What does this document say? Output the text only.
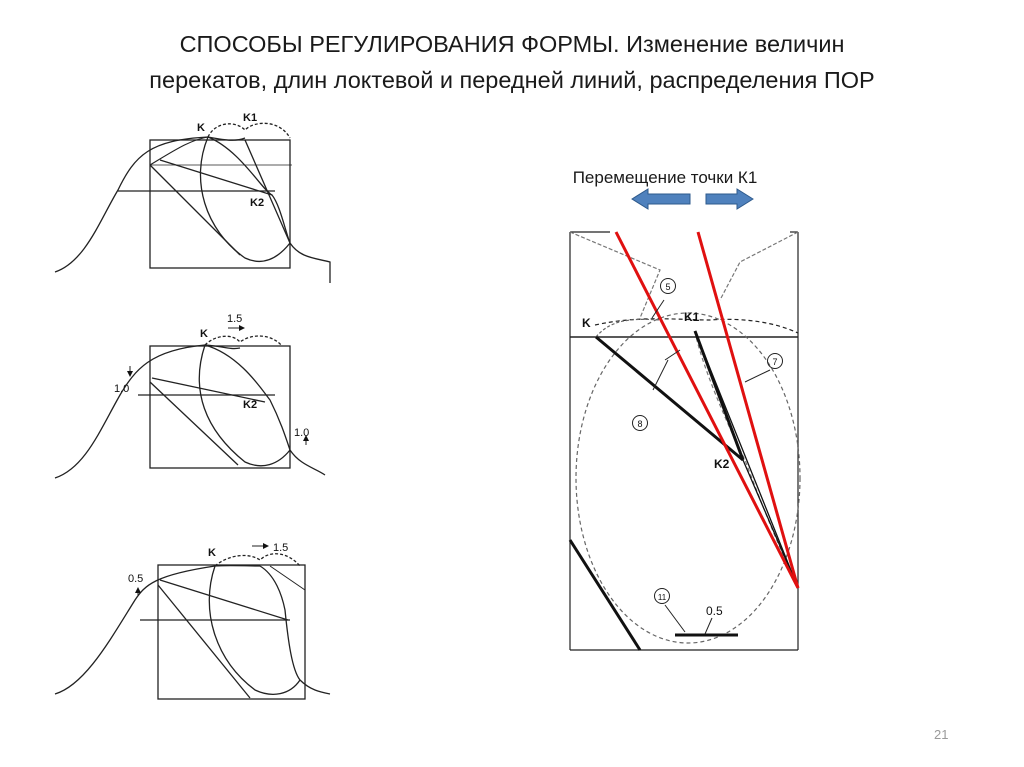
СПОСОБЫ РЕГУЛИРОВАНИЯ ФОРМЫ. Изменение величин
перекатов, длин локтевой и передней линий, распределения ПОР
Перемещение точки К1
K
K1
K2
K
K2
1.5
1.0
1.0
K	1.5
0.5
K	K1
K2
5
7
8
11
0.5
21
